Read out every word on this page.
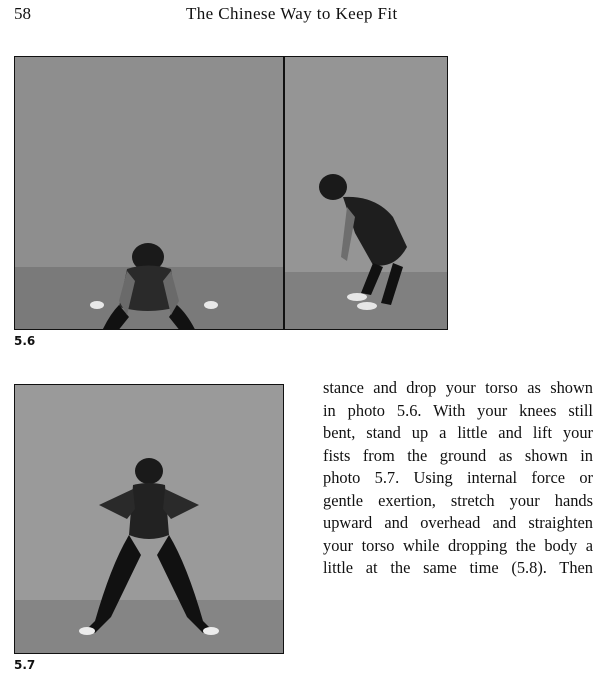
58	The Chinese Way to Keep Fit
5.6
5.7
stance and drop your torso as shown
in photo 5.6. With your knees still
bent, stand up a little and lift your
fists from the ground as shown in
photo 5.7. Using internal force or
gentle exertion, stretch your hands
upward and overhead and straighten
your torso while dropping the body a
little at the same time (5.8). Then
